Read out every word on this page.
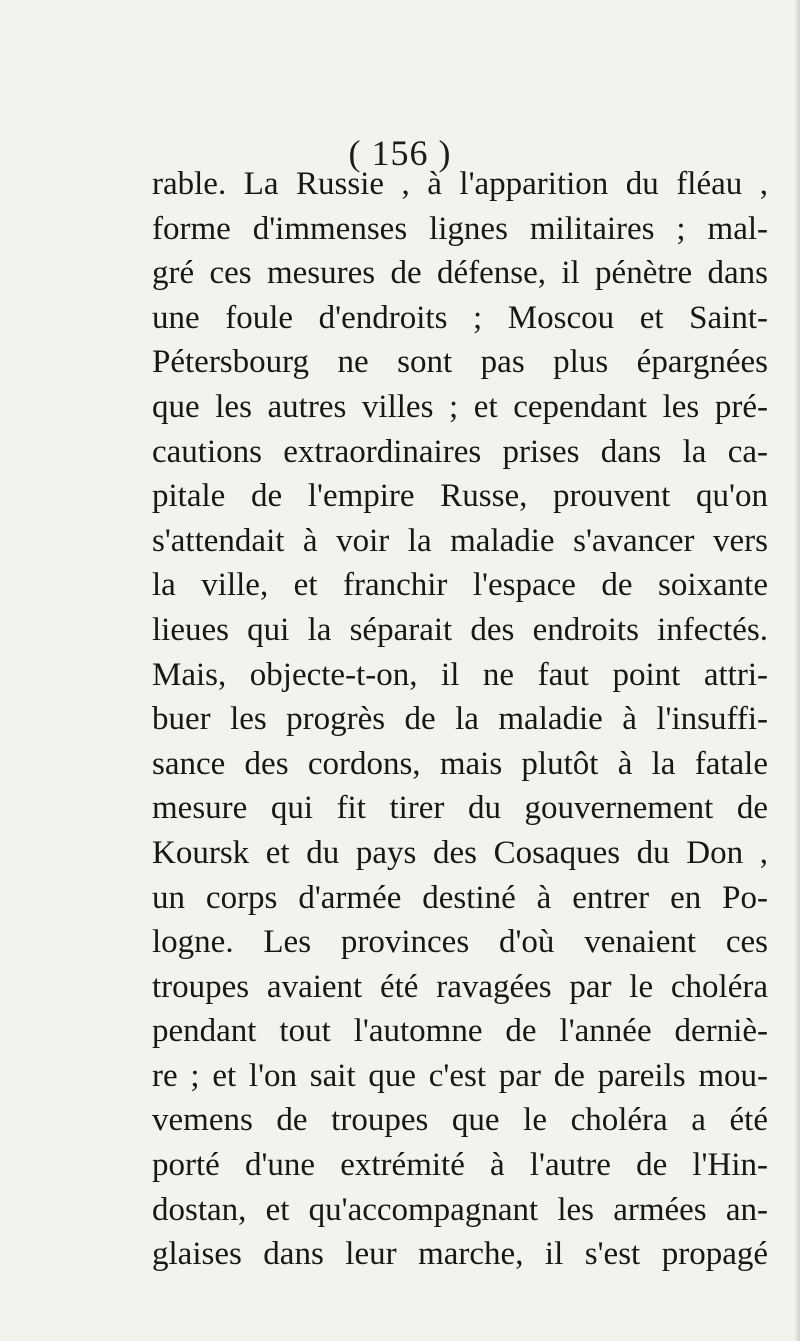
( 156 )
rable. La Russie , à l'apparition du fléau ,
forme d'immenses lignes militaires ; mal-
gré ces mesures de défense, il pénètre dans
une foule d'endroits ; Moscou et Saint-
Pétersbourg ne sont pas plus épargnées
que les autres villes ; et cependant les pré-
cautions extraordinaires prises dans la ca-
pitale de l'empire Russe, prouvent qu'on
s'attendait à voir la maladie s'avancer vers
la ville, et franchir l'espace de soixante
lieues qui la séparait des endroits infectés.
Mais, objecte-t-on, il ne faut point attri-
buer les progrès de la maladie à l'insuffi-
sance des cordons, mais plutôt à la fatale
mesure qui fit tirer du gouvernement de
Koursk et du pays des Cosaques du Don ,
un corps d'armée destiné à entrer en Po-
logne. Les provinces d'où venaient ces
troupes avaient été ravagées par le choléra
pendant tout l'automne de l'année derniè-
re ; et l'on sait que c'est par de pareils mou-
vemens de troupes que le choléra a été
porté d'une extrémité à l'autre de l'Hin-
dostan, et qu'accompagnant les armées an-
glaises dans leur marche, il s'est propagé
